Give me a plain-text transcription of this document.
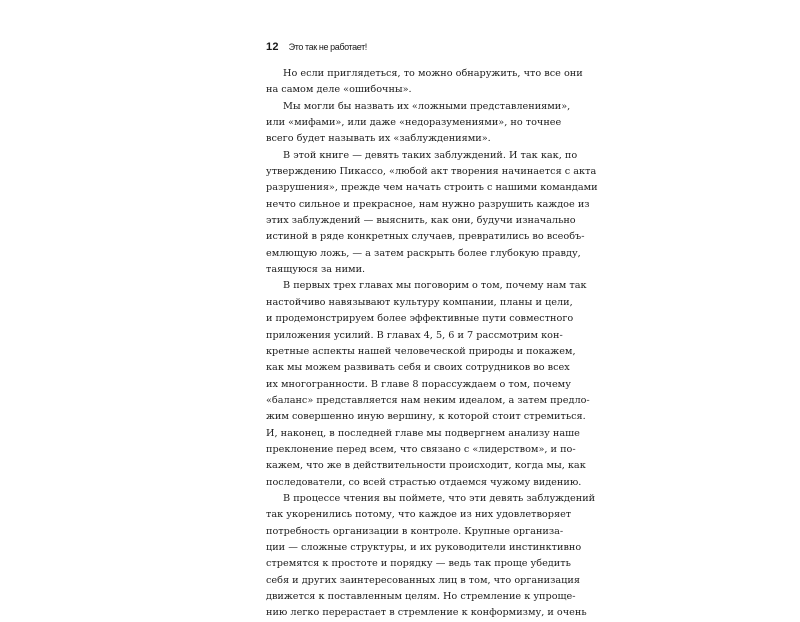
12 Это так не работает!
Но если приглядеться, то можно обнаружить, что все они
на самом деле «ошибочны».
Мы могли бы назвать их «ложными представлениями»,
или «мифами», или даже «недоразумениями», но точнее
всего будет называть их «заблуждениями».
В этой книге — девять таких заблуждений. И так как, по
утверждению Пикассо, «любой акт творения начинается с акта
разрушения», прежде чем начать строить с нашими командами
нечто сильное и прекрасное, нам нужно разрушить каждое из
этих заблуждений — выяснить, как они, будучи изначально
истиной в ряде конкретных случаев, превратились во всеобъ-
емлющую ложь, — а затем раскрыть более глубокую правду,
таящуюся за ними.
В первых трех главах мы поговорим о том, почему нам так
настойчиво навязывают культуру компании, планы и цели,
и продемонстрируем более эффективные пути совместного
приложения усилий. В главах 4, 5, 6 и 7 рассмотрим кон-
кретные аспекты нашей человеческой природы и покажем,
как мы можем развивать себя и своих сотрудников во всех
их многогранности. В главе 8 порассуждаем о том, почему
«баланс» представляется нам неким идеалом, а затем предло-
жим совершенно иную вершину, к которой стоит стремиться.
И, наконец, в последней главе мы подвергнем анализу наше
преклонение перед всем, что связано с «лидерством», и по-
кажем, что же в действительности происходит, когда мы, как
последователи, со всей страстью отдаемся чужому видению.
В процессе чтения вы поймете, что эти девять заблуждений
так укоренились потому, что каждое из них удовлетворяет
потребность организации в контроле. Крупные организа-
ции — сложные структуры, и их руководители инстинктивно
стремятся к простоте и порядку — ведь так проще убедить
себя и других заинтересованных лиц в том, что организация
движется к поставленным целям. Но стремление к упроще-
нию легко перерастает в стремление к конформизму, и очень
